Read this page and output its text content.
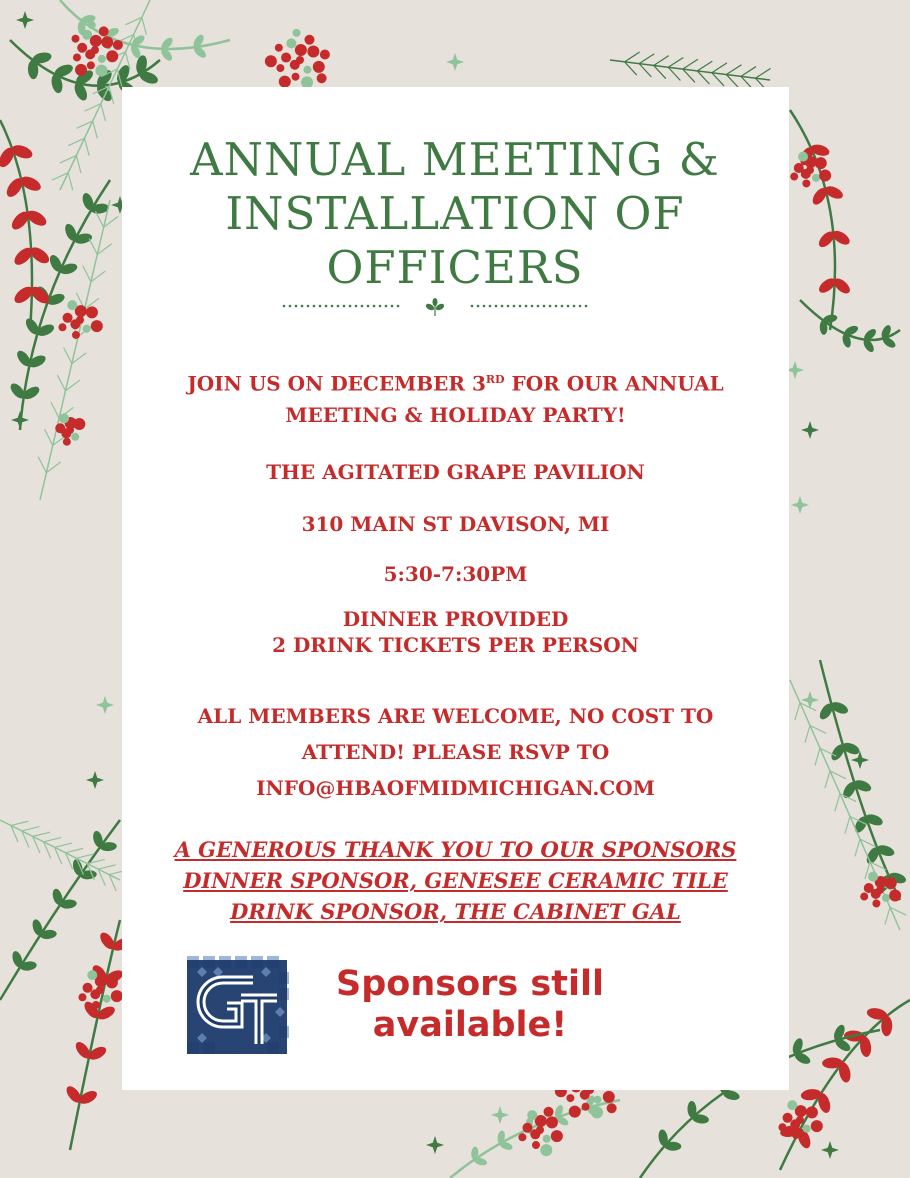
ANNUAL MEETING &
INSTALLATION OF
OFFICERS
JOIN US ON DECEMBER 3RD FOR OUR ANNUAL
MEETING & HOLIDAY PARTY!
THE AGITATED GRAPE PAVILION
310 MAIN ST DAVISON, MI
5:30-7:30PM
DINNER PROVIDED
2 DRINK TICKETS PER PERSON
ALL MEMBERS ARE WELCOME, NO COST TO
ATTEND! PLEASE RSVP TO
INFO@HBAOFMIDMICHIGAN.COM
A GENEROUS THANK YOU TO OUR SPONSORS
DINNER SPONSOR, GENESEE CERAMIC TILE
DRINK SPONSOR, THE CABINET GAL
Sponsors still
available!
